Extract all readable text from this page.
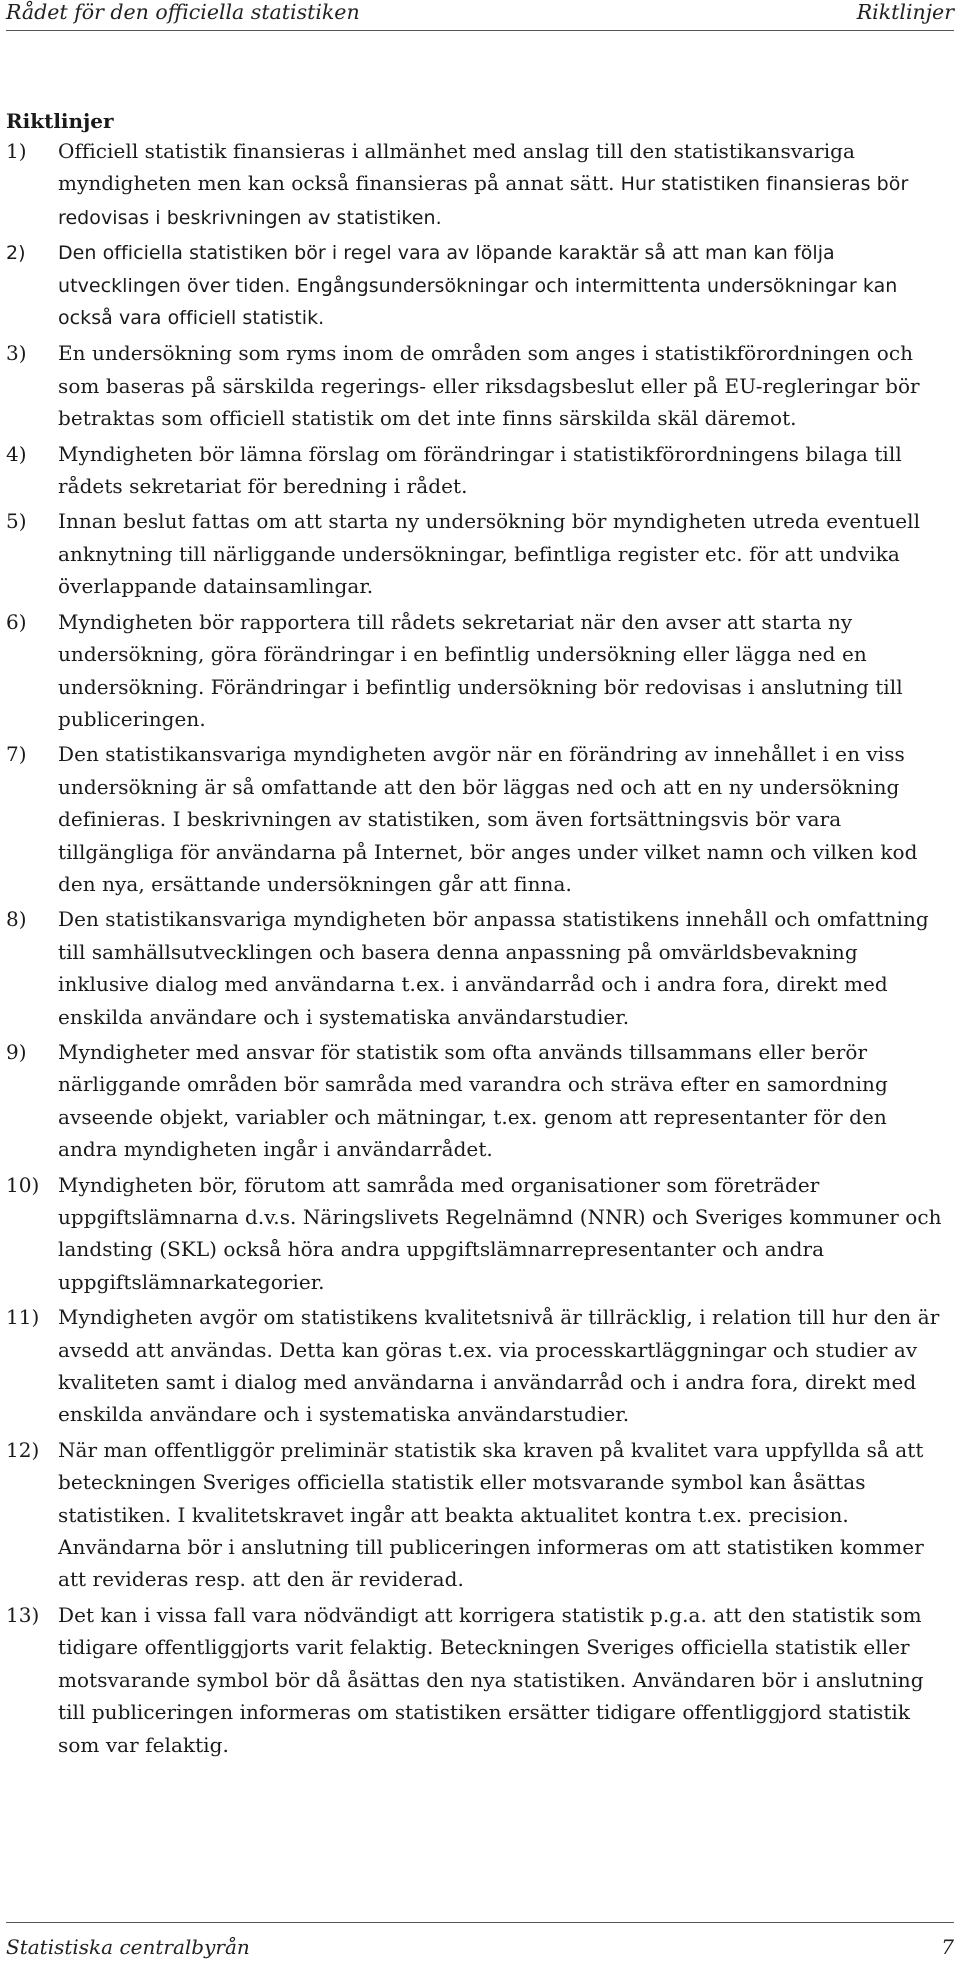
Rådet för den officiella statistiken	Riktlinjer
Riktlinjer
1)	Officiell statistik finansieras i allmänhet med anslag till den statistikansvariga myndigheten men kan också finansieras på annat sätt. Hur statistiken finansieras bör redovisas i beskrivningen av statistiken.
2)	Den officiella statistiken bör i regel vara av löpande karaktär så att man kan följa utvecklingen över tiden. Engångsundersökningar och intermittenta undersökningar kan också vara officiell statistik.
3)	En undersökning som ryms inom de områden som anges i statistikförordningen och som baseras på särskilda regerings- eller riksdagsbeslut eller på EU-regleringar bör betraktas som officiell statistik om det inte finns särskilda skäl däremot.
4)	Myndigheten bör lämna förslag om förändringar i statistikförordningens bilaga till rådets sekretariat för beredning i rådet.
5)	Innan beslut fattas om att starta ny undersökning bör myndigheten utreda eventuell anknytning till närliggande undersökningar, befintliga register etc. för att undvika överlappande datainsamlingar.
6)	Myndigheten bör rapportera till rådets sekretariat när den avser att starta ny undersökning, göra förändringar i en befintlig undersökning eller lägga ned en undersökning. Förändringar i befintlig undersökning bör redovisas i anslutning till publiceringen.
7)	Den statistikansvariga myndigheten avgör när en förändring av innehållet i en viss undersökning är så omfattande att den bör läggas ned och att en ny undersökning definieras. I beskrivningen av statistiken, som även fortsättningsvis bör vara tillgängliga för användarna på Internet, bör anges under vilket namn och vilken kod den nya, ersättande undersökningen går att finna.
8)	Den statistikansvariga myndigheten bör anpassa statistikens innehåll och omfattning till samhällsutvecklingen och basera denna anpassning på omvärldsbevakning inklusive dialog med användarna t.ex. i användarråd och i andra fora, direkt med enskilda användare och i systematiska användarstudier.
9)	Myndigheter med ansvar för statistik som ofta används tillsammans eller berör närliggande områden bör samråda med varandra och sträva efter en samordning avseende objekt, variabler och mätningar, t.ex. genom att representanter för den andra myndigheten ingår i användarrådet.
10) Myndigheten bör, förutom att samråda med organisationer som företräder uppgiftslämnarna d.v.s. Näringslivets Regelnämnd (NNR) och Sveriges kommuner och landsting (SKL) också höra andra uppgiftslämnarrepresentanter och andra uppgiftslämnarkategorier.
11) Myndigheten avgör om statistikens kvalitetsnivå är tillräcklig, i relation till hur den är avsedd att användas. Detta kan göras t.ex. via processkartläggningar och studier av kvaliteten samt i dialog med användarna i användarråd och i andra fora, direkt med enskilda användare och i systematiska användarstudier.
12) När man offentliggör preliminär statistik ska kraven på kvalitet vara uppfyllda så att beteckningen Sveriges officiella statistik eller motsvarande symbol kan åsättas statistiken. I kvalitetskravet ingår att beakta aktualitet kontra t.ex. precision. Användarna bör i anslutning till publiceringen informeras om att statistiken kommer att revideras resp. att den är reviderad.
13) Det kan i vissa fall vara nödvändigt att korrigera statistik p.g.a. att den statistik som tidigare offentliggjorts varit felaktig. Beteckningen Sveriges officiella statistik eller motsvarande symbol bör då åsättas den nya statistiken. Användaren bör i anslutning till publiceringen informeras om statistiken ersätter tidigare offentliggjord statistik som var felaktig.
Statistiska centralbyrån	7
